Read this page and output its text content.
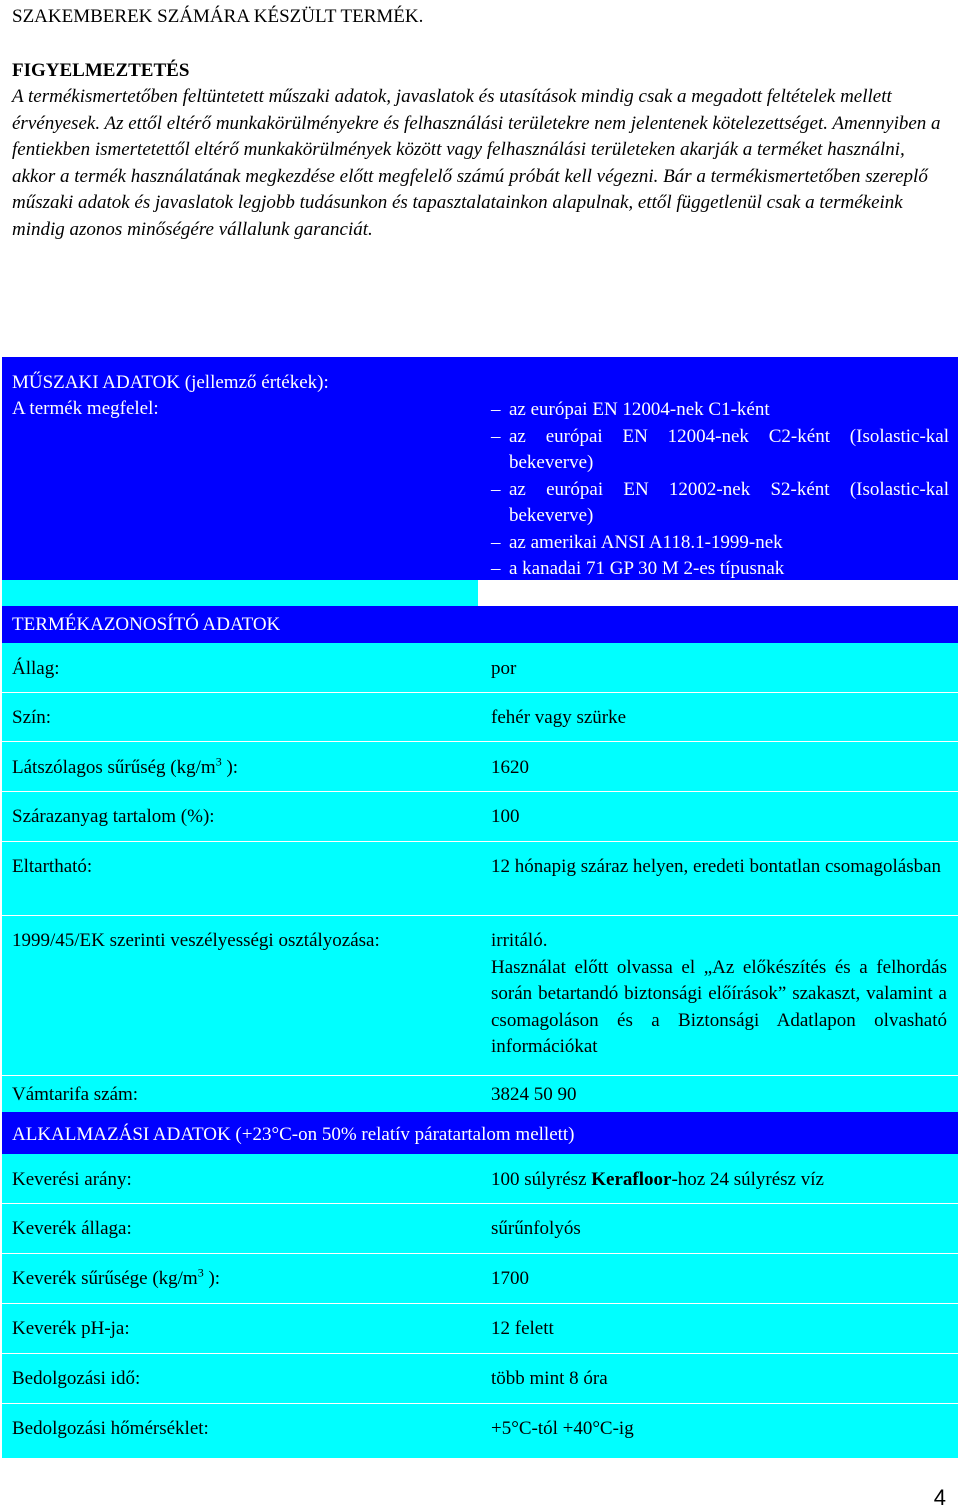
SZAKEMBEREK SZÁMÁRA KÉSZÜLT TERMÉK.
FIGYELMEZTETÉS
A termékismertetőben feltüntetett műszaki adatok, javaslatok és utasítások mindig csak a megadott feltételek mellett érvényesek. Az ettől eltérő munkakörülményekre és felhasználási területekre nem jelentenek kötelezettséget. Amennyiben a fentiekben ismertetettől eltérő munkakörülmények között vagy felhasználási területeken akarják a terméket használni, akkor a termék használatának megkezdése előtt megfelelő számú próbát kell végezni. Bár a termékismertetőben szereplő műszaki adatok és javaslatok legjobb tudásunkon és tapasztalatainkon alapulnak, ettől függetlenül csak a termékeink mindig azonos minőségére vállalunk garanciát.
MŰSZAKI ADATOK (jellemző értékek):
A termék megfelel:	– az európai EN 12004-nek C1-ként
– az európai EN 12004-nek C2-ként (Isolastic-kal bekeverve)
– az európai EN 12002-nek S2-ként (Isolastic-kal bekeverve)
– az amerikai ANSI A118.1-1999-nek
– a kanadai 71 GP 30 M 2-es típusnak
TERMÉKAZONOSÍTÓ ADATOK
Állag:	por
Szín:	fehér vagy szürke
Látszólagos sűrűség ($kg/m^3$ ):	1620
Szárazanyag tartalom (%):	100
Eltartható:	12 hónapig száraz helyen, eredeti bontatlan csomagolásban
1999/45/EK szerinti veszélyességi osztályozása:	irritáló.
Használat előtt olvassa el „Az előkészítés és a felhordás során betartandó biztonsági előírások” szakaszt, valamint a csomagoláson és a Biztonsági Adatlapon olvasható információkat
Vámtarifa szám:	3824 50 90
ALKALMAZÁSI ADATOK (+23°C-on 50% relatív páratartalom mellett)
Keverési arány:	100 súlyrész Kerafloor-hoz 24 súlyrész víz
Keverék állaga:	sűrűnfolyós
Keverék sűrűsége ($kg/m^3$ ):	1700
Keverék pH-ja:	12 felett
Bedolgozási idő:	több mint 8 óra
Bedolgozási hőmérséklet:	+5°C-tól +40°C-ig
4
